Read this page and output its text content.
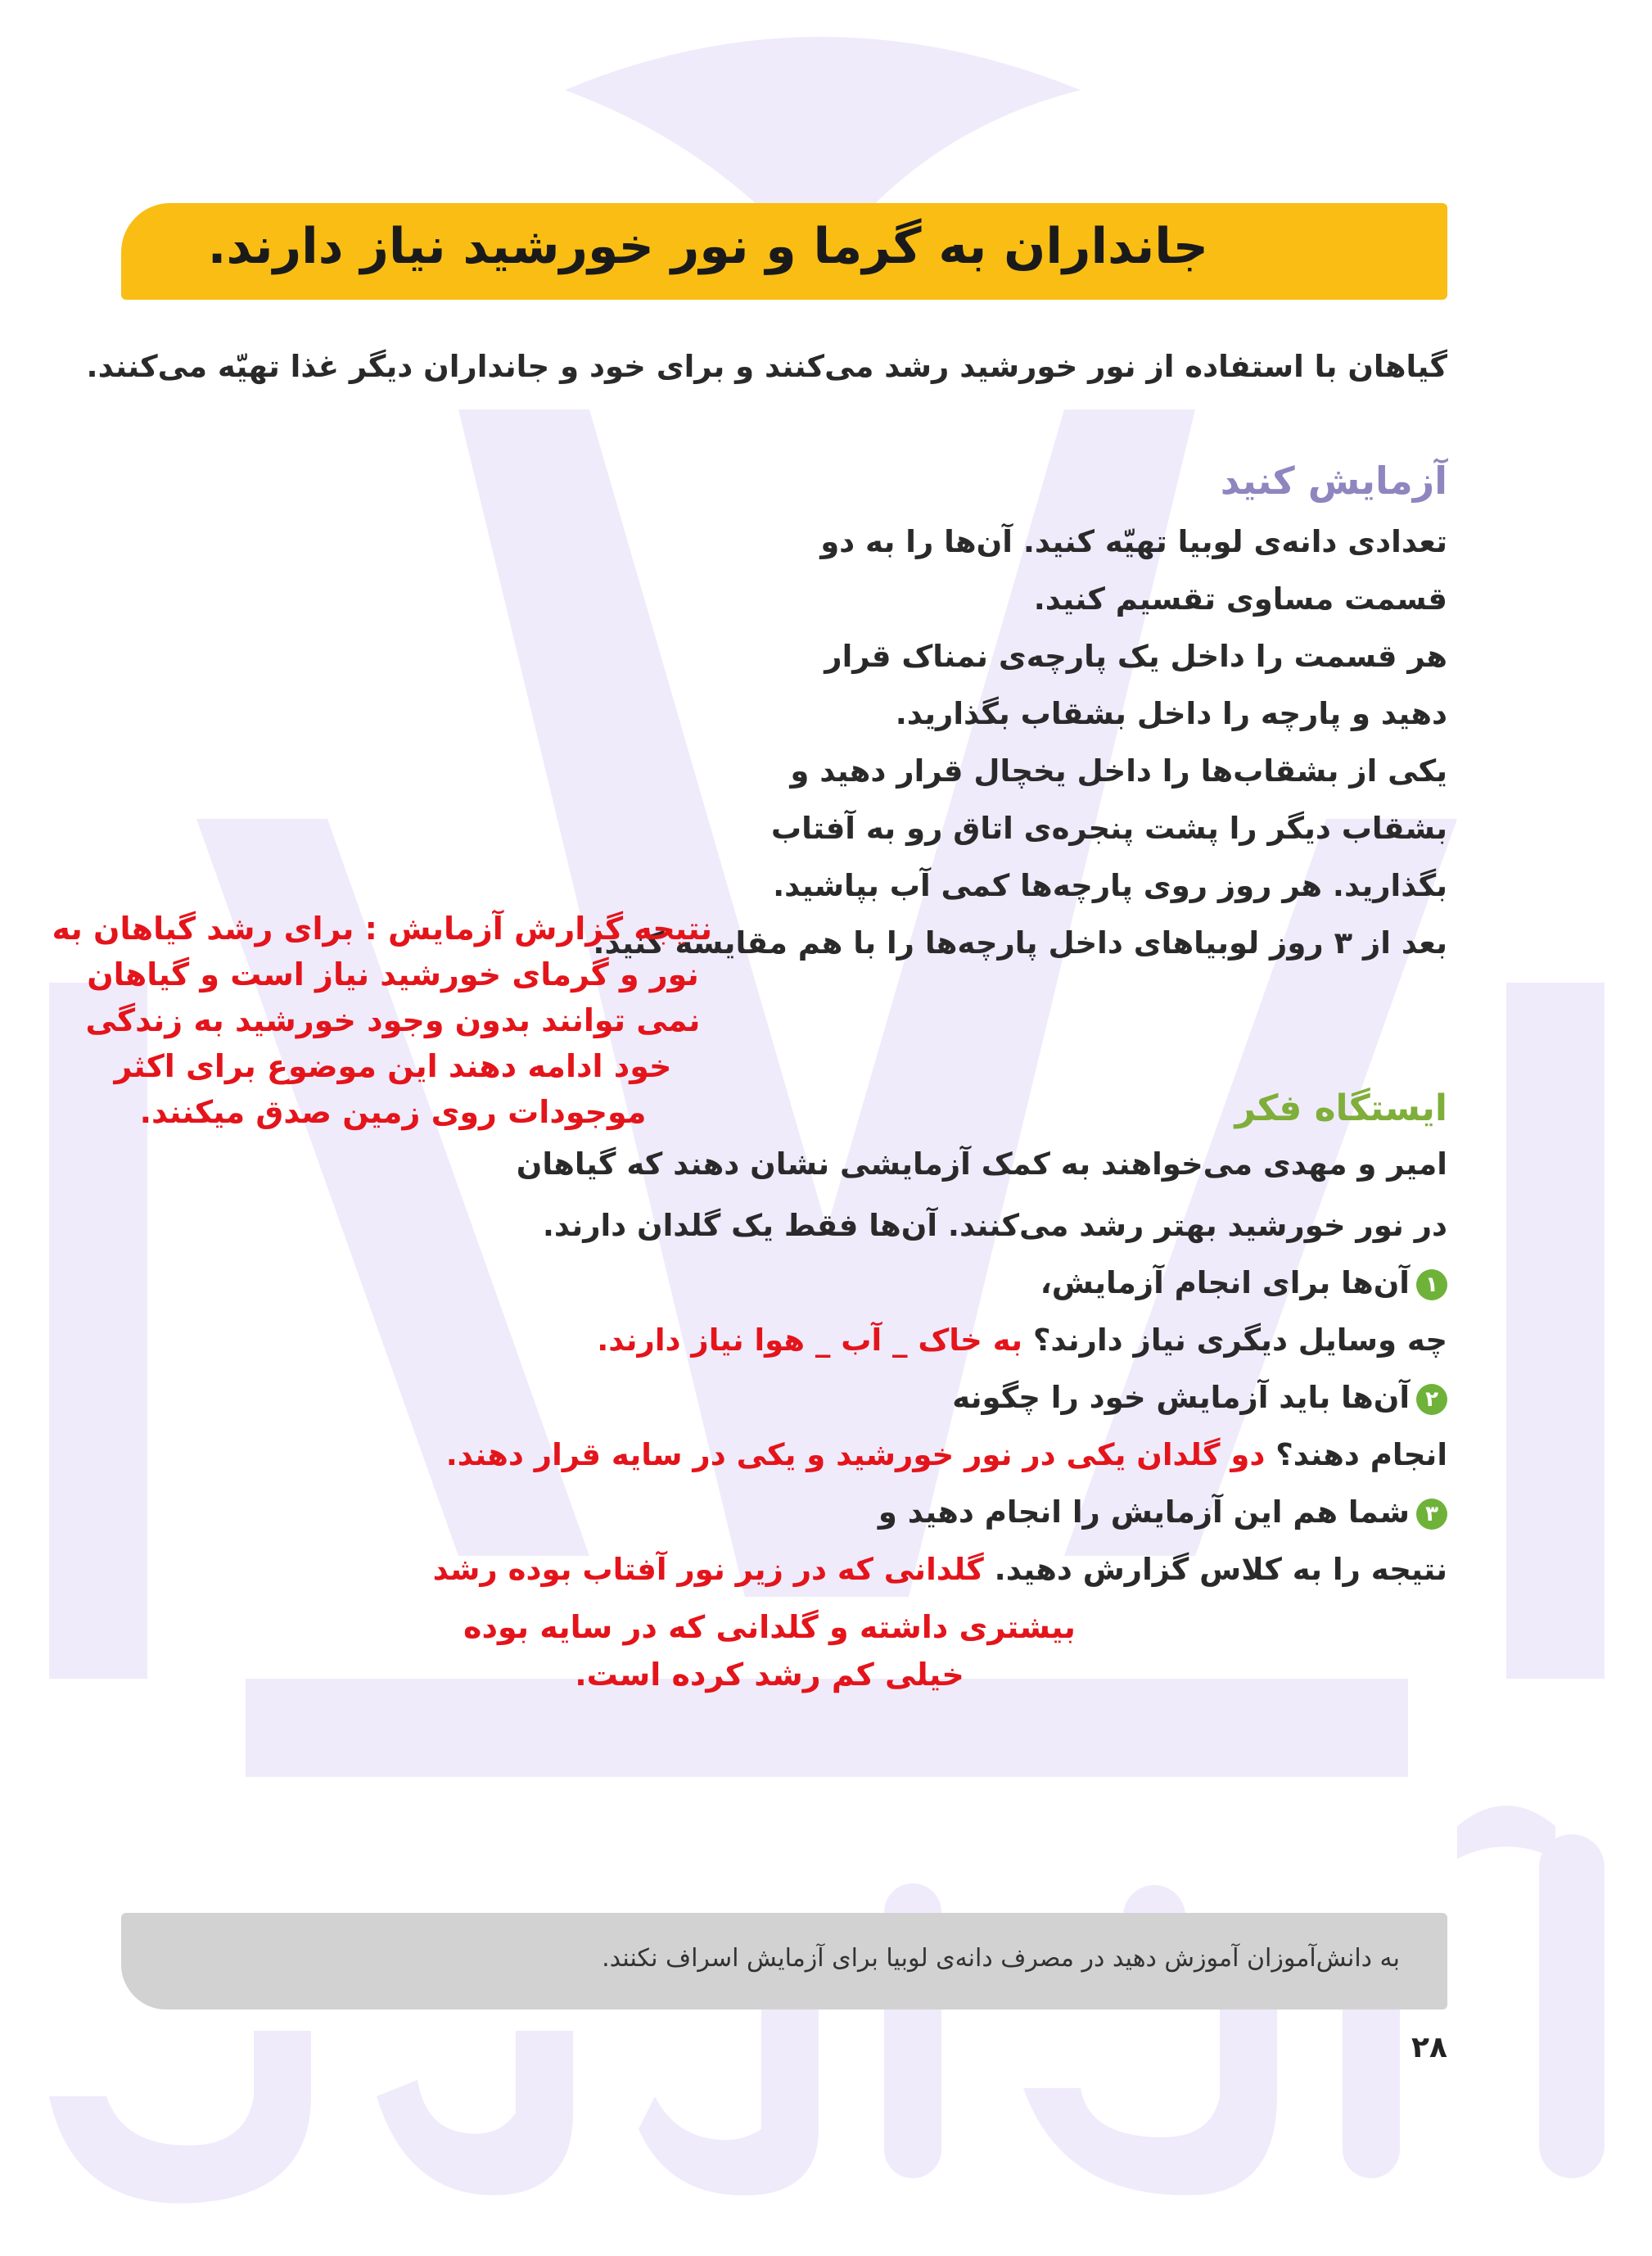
جانداران به گرما و نور خورشید نیاز دارند.
گیاهان با استفاده از نور خورشید رشد می‌کنند و برای خود و جانداران دیگر غذا تهیّه می‌کنند.
آزمایش کنید
تعدادی دانه‌ی لوبیا تهیّه کنید. آن‌ها را به دو
قسمت مساوی تقسیم کنید.
هر قسمت را داخل یک پارچه‌ی نمناک قرار
دهید و پارچه را داخل بشقاب بگذارید.
یکی از بشقاب‌ها را داخل یخچال قرار دهید و
بشقاب دیگر را پشت پنجره‌ی اتاق رو به آفتاب
بگذارید. هر روز روی پارچه‌ها کمی آب بپاشید.
بعد از ۳ روز لوبیاهای داخل پارچه‌ها را با هم مقایسه کنید.
نتیجه گزارش آزمایش : برای رشد گیاهان به
نور و گرمای خورشید نیاز است و گیاهان
نمی توانند بدون وجود خورشید به زندگی
خود ادامه دهند این موضوع برای اکثر
موجودات روی زمین صدق میکنند.	ایستگاه فکر
امیر و مهدی می‌خواهند به کمک آزمایشی نشان دهند که گیاهان
در نور خورشید بهتر رشد می‌کنند. آن‌ها فقط یک گلدان دارند.
۱آن‌ها برای انجام آزمایش،
چه وسایل دیگری نیاز دارند؟ به خاک _ آب _ هوا نیاز دارند.
۲آن‌ها باید آزمایش خود را چگونه
انجام دهند؟ دو گلدان یکی در نور خورشید و یکی در سایه قرار دهند.
۳شما هم این آزمایش را انجام دهید و
نتیجه را به کلاس گزارش دهید. گلدانی که در زیر نور آفتاب بوده رشد
بیشتری داشته و گلدانی که در سایه بوده
خیلی کم رشد کرده است.
به دانش‌آموزان آموزش دهید در مصرف دانه‌ی لوبیا برای آزمایش اسراف نکنند.
۲۸
